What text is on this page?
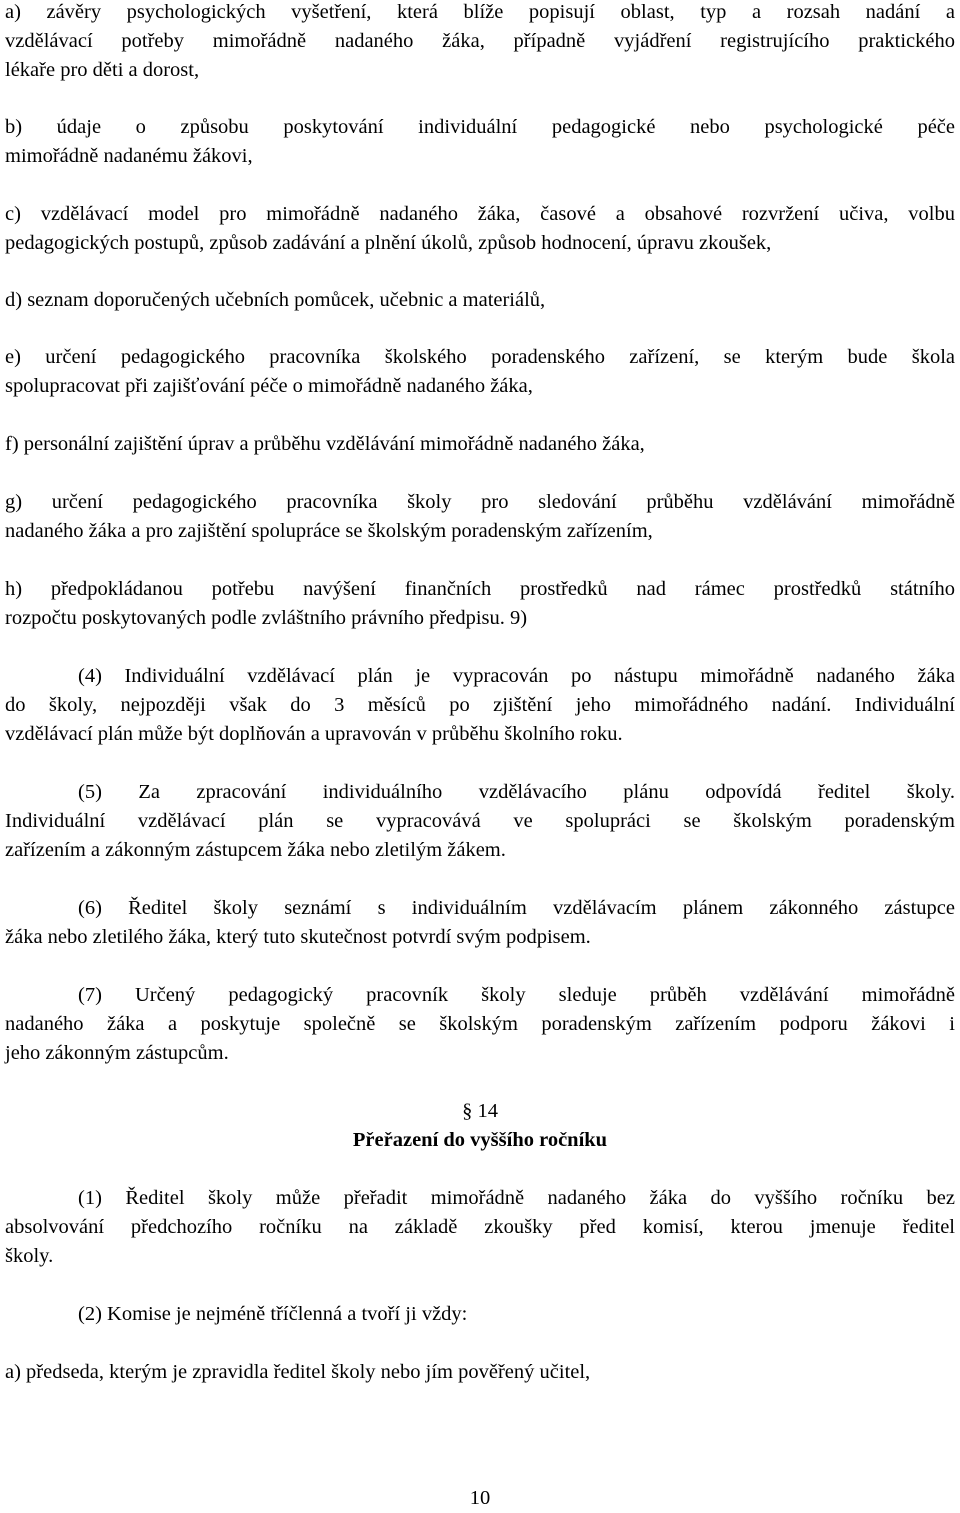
a) závěry psychologických vyšetření, která blíže popisují oblast, typ a rozsah nadání a
vzdělávací potřeby mimořádně nadaného žáka, případně vyjádření registrujícího praktického
lékaře pro děti a dorost,
b) údaje o způsobu poskytování individuální pedagogické nebo psychologické péče
mimořádně nadanému žákovi,
c) vzdělávací model pro mimořádně nadaného žáka, časové a obsahové rozvržení učiva, volbu
pedagogických postupů, způsob zadávání a plnění úkolů, způsob hodnocení, úpravu zkoušek,
d) seznam doporučených učebních pomůcek, učebnic a materiálů,
e) určení pedagogického pracovníka školského poradenského zařízení, se kterým bude škola
spolupracovat při zajišťování péče o mimořádně nadaného žáka,
f) personální zajištění úprav a průběhu vzdělávání mimořádně nadaného žáka,
g) určení pedagogického pracovníka školy pro sledování průběhu vzdělávání mimořádně
nadaného žáka a pro zajištění spolupráce se školským poradenským zařízením,
h) předpokládanou potřebu navýšení finančních prostředků nad rámec prostředků státního
rozpočtu poskytovaných podle zvláštního právního předpisu. 9)
(4) Individuální vzdělávací plán je vypracován po nástupu mimořádně nadaného žáka
do školy, nejpozději však do 3 měsíců po zjištění jeho mimořádného nadání. Individuální
vzdělávací plán může být doplňován a upravován v průběhu školního roku.
(5) Za zpracování individuálního vzdělávacího plánu odpovídá ředitel školy.
Individuální vzdělávací plán se vypracovává ve spolupráci se školským poradenským
zařízením a zákonným zástupcem žáka nebo zletilým žákem.
(6) Ředitel školy seznámí s individuálním vzdělávacím plánem zákonného zástupce
žáka nebo zletilého žáka, který tuto skutečnost potvrdí svým podpisem.
(7) Určený pedagogický pracovník školy sleduje průběh vzdělávání mimořádně
nadaného žáka a poskytuje společně se školským poradenským zařízením podporu žákovi i
jeho zákonným zástupcům.
§ 14
Přeřazení do vyššího ročníku
(1) Ředitel školy může přeřadit mimořádně nadaného žáka do vyššího ročníku bez
absolvování předchozího ročníku na základě zkoušky před komisí, kterou jmenuje ředitel
školy.
(2) Komise je nejméně tříčlenná a tvoří ji vždy:
a) předseda, kterým je zpravidla ředitel školy nebo jím pověřený učitel,
10
